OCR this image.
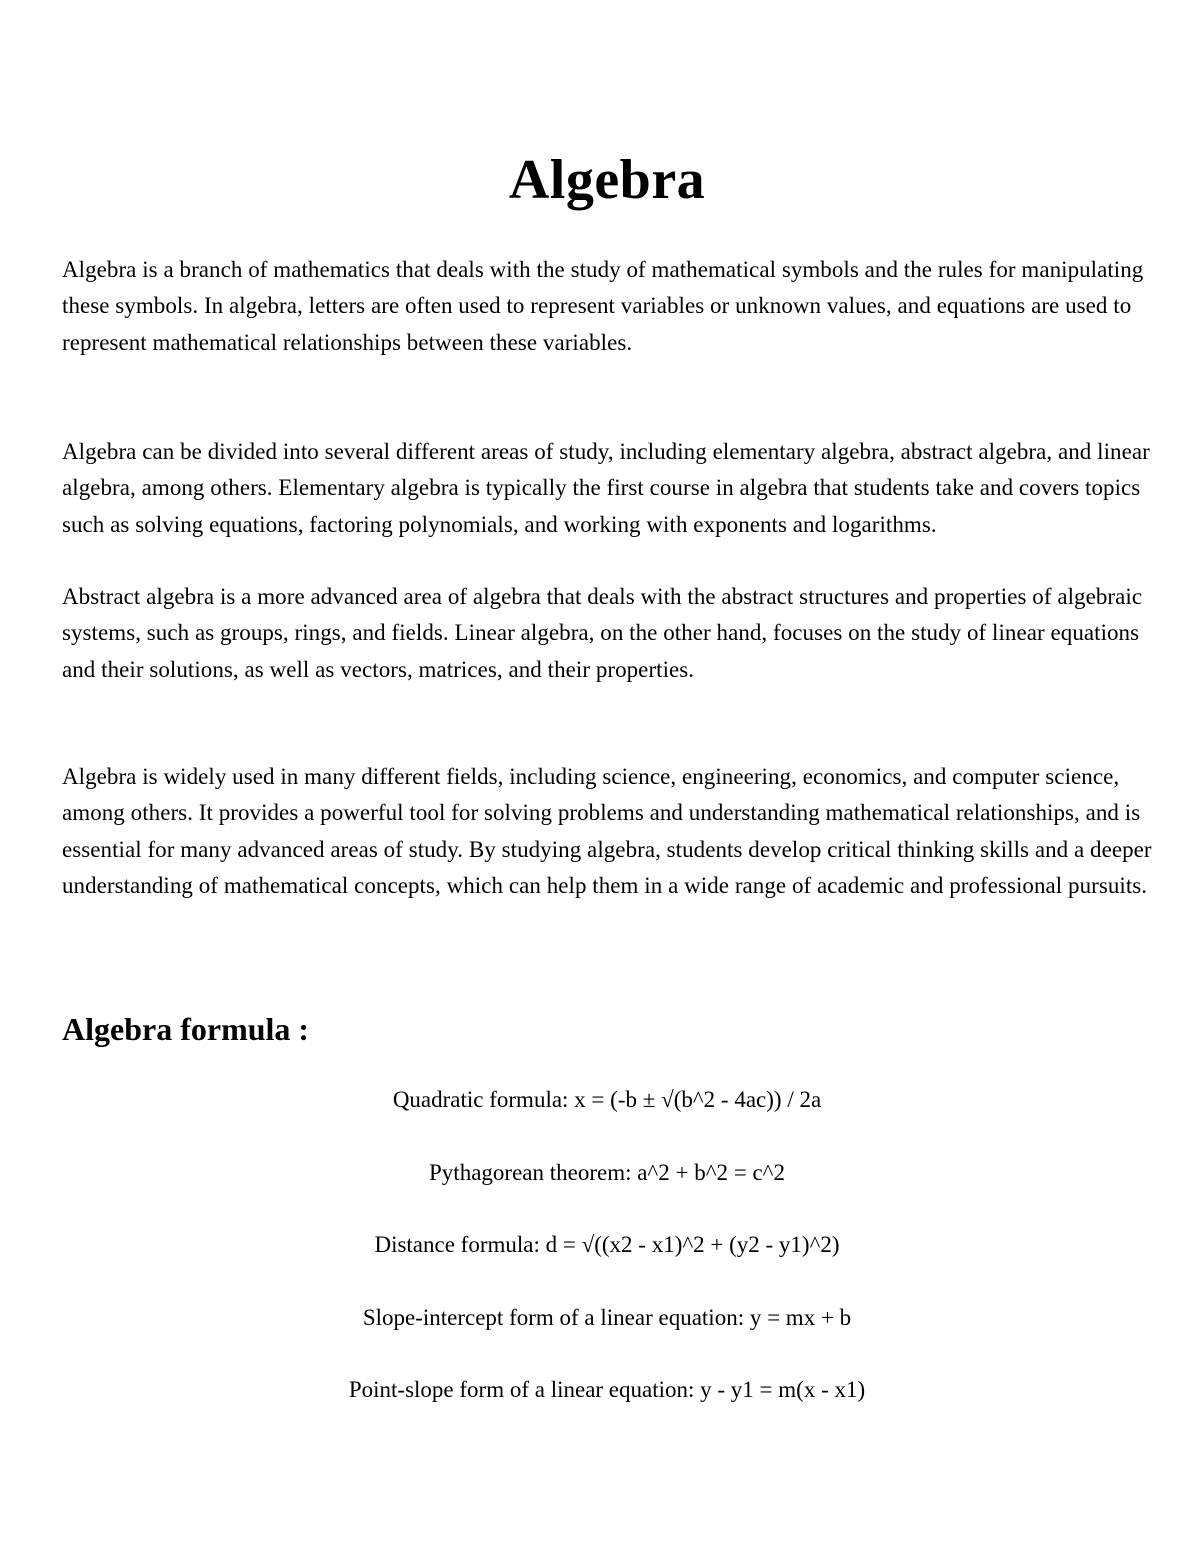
Algebra

Algebra is a branch of mathematics that deals with the study of mathematical symbols and the rules for manipulating these symbols. In algebra, letters are often used to represent variables or unknown values, and equations are used to represent mathematical relationships between these variables.

Algebra can be divided into several different areas of study, including elementary algebra, abstract algebra, and linear algebra, among others. Elementary algebra is typically the first course in algebra that students take and covers topics such as solving equations, factoring polynomials, and working with exponents and logarithms.

Abstract algebra is a more advanced area of algebra that deals with the abstract structures and properties of algebraic systems, such as groups, rings, and fields. Linear algebra, on the other hand, focuses on the study of linear equations and their solutions, as well as vectors, matrices, and their properties.

Algebra is widely used in many different fields, including science, engineering, economics, and computer science, among others. It provides a powerful tool for solving problems and understanding mathematical relationships, and is essential for many advanced areas of study. By studying algebra, students develop critical thinking skills and a deeper understanding of mathematical concepts, which can help them in a wide range of academic and professional pursuits.

Algebra formula :
Quadratic formula: x = (-b ± √(b^2 - 4ac)) / 2a
Pythagorean theorem: a^2 + b^2 = c^2
Distance formula: d = √((x2 - x1)^2 + (y2 - y1)^2)
Slope-intercept form of a linear equation: y = mx + b
Point-slope form of a linear equation: y - y1 = m(x - x1)
